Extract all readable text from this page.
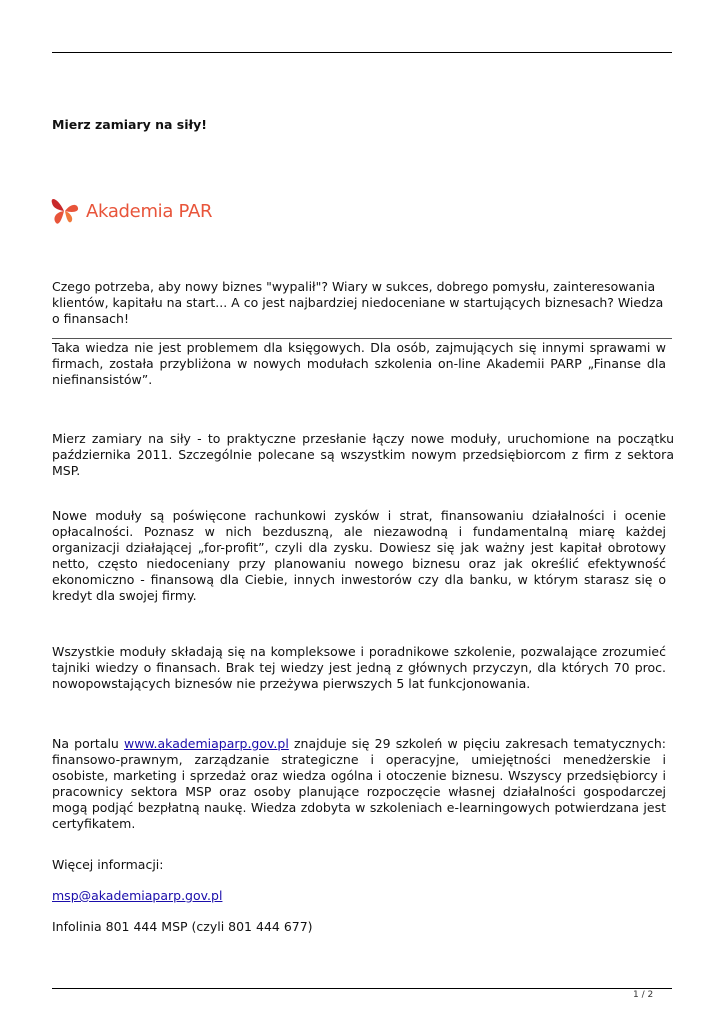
Mierz zamiary na siły!
Akademia PAR

Czego potrzeba, aby nowy biznes "wypalił"? Wiary w sukces, dobrego pomysłu, zainteresowania klientów, kapitału na start... A co jest najbardziej niedoceniane w startujących biznesach? Wiedza o finansach!

Taka wiedza nie jest problemem dla księgowych. Dla osób, zajmujących się innymi sprawami w firmach, została przybliżona w nowych modułach szkolenia on-line Akademii PARP „Finanse dla niefinansistów”.

Mierz zamiary na siły - to praktyczne przesłanie łączy nowe moduły, uruchomione na początku października 2011. Szczególnie polecane są wszystkim nowym przedsiębiorcom z firm z sektora MSP.

Nowe moduły są poświęcone rachunkowi zysków i strat, finansowaniu działalności i ocenie opłacalności. Poznasz w nich bezduszną, ale niezawodną i fundamentalną miarę każdej organizacji działającej „for-profit”, czyli dla zysku. Dowiesz się jak ważny jest kapitał obrotowy netto, często niedoceniany przy planowaniu nowego biznesu oraz jak określić efektywność ekonomiczno - finansową dla Ciebie, innych inwestorów czy dla banku, w którym starasz się o kredyt dla swojej firmy.

Wszystkie moduły składają się na kompleksowe i poradnikowe szkolenie, pozwalające zrozumieć tajniki wiedzy o finansach. Brak tej wiedzy jest jedną z głównych przyczyn, dla których 70 proc. nowopowstających biznesów nie przeżywa pierwszych 5 lat funkcjonowania.

Na portalu www.akademiaparp.gov.pl znajduje się 29 szkoleń w pięciu zakresach tematycznych: finansowo-prawnym, zarządzanie strategiczne i operacyjne, umiejętności menedżerskie i osobiste, marketing i sprzedaż oraz wiedza ogólna i otoczenie biznesu. Wszyscy przedsiębiorcy i pracownicy sektora MSP oraz osoby planujące rozpoczęcie własnej działalności gospodarczej mogą podjąć bezpłatną naukę. Wiedza zdobyta w szkoleniach e-learningowych potwierdzana jest certyfikatem.

Więcej informacji:

msp@akademiaparp.gov.pl

Infolinia 801 444 MSP (czyli 801 444 677)

1 / 2
